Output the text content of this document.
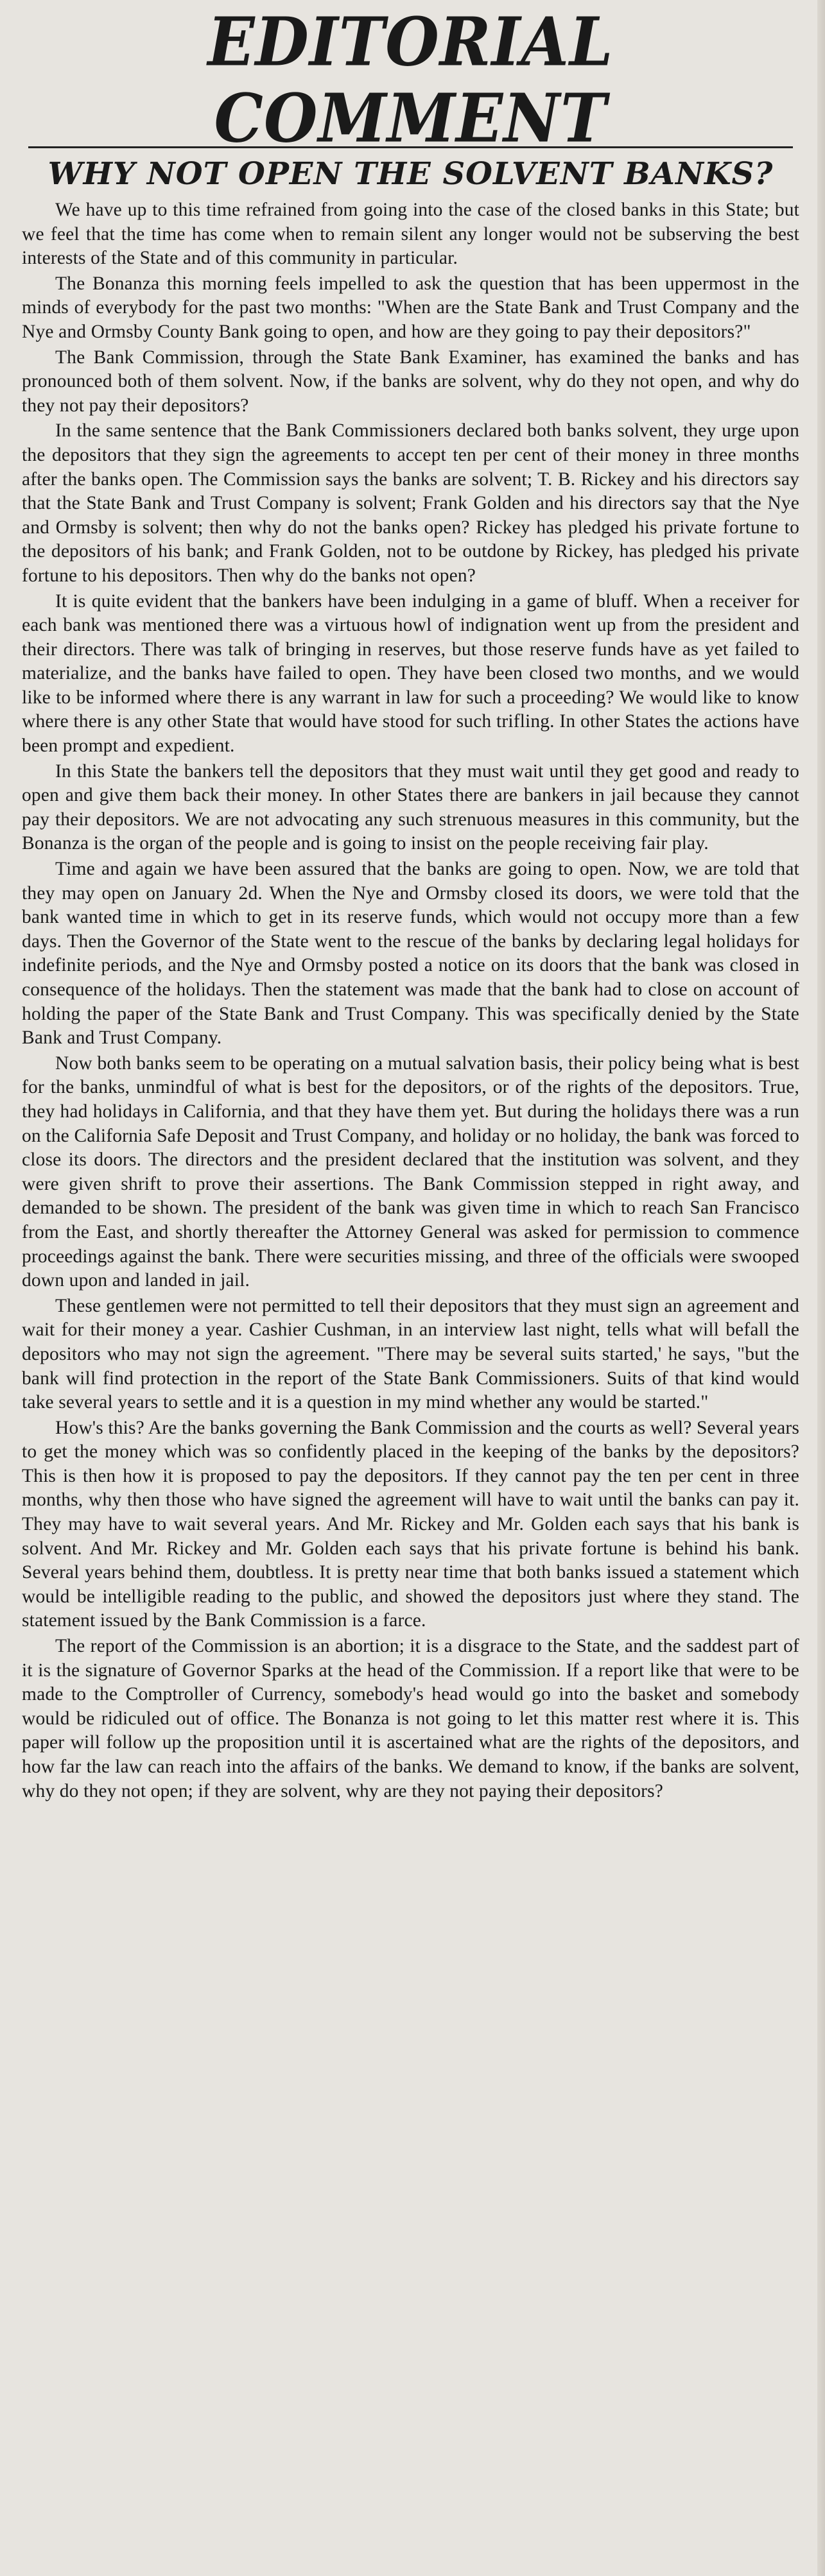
EDITORIAL COMMENT
WHY NOT OPEN THE SOLVENT BANKS?

We have up to this time refrained from going into the case of the closed banks in this State; but we feel that the time has come when to remain silent any longer would not be subserving the best interests of the State and of this community in particular.

The Bonanza this morning feels impelled to ask the question that has been uppermost in the minds of everybody for the past two months: "When are the State Bank and Trust Company and the Nye and Ormsby County Bank going to open, and how are they going to pay their depositors?"

The Bank Commission, through the State Bank Examiner, has examined the banks and has pronounced both of them solvent. Now, if the banks are solvent, why do they not open, and why do they not pay their depositors?

In the same sentence that the Bank Commissioners declared both banks solvent, they urge upon the depositors that they sign the agreements to accept ten per cent of their money in three months after the banks open. The Commission says the banks are solvent; T. B. Rickey and his directors say that the State Bank and Trust Company is solvent; Frank Golden and his directors say that the Nye and Ormsby is solvent; then why do not the banks open? Rickey has pledged his private fortune to the depositors of his bank; and Frank Golden, not to be outdone by Rickey, has pledged his private fortune to his depositors. Then why do the banks not open?

It is quite evident that the bankers have been indulging in a game of bluff. When a receiver for each bank was mentioned there was a virtuous howl of indignation went up from the president and their directors. There was talk of bringing in reserves, but those reserve funds have as yet failed to materialize, and the banks have failed to open. They have been closed two months, and we would like to be informed where there is any warrant in law for such a proceeding? We would like to know where there is any other State that would have stood for such trifling. In other States the actions have been prompt and expedient.

In this State the bankers tell the depositors that they must wait until they get good and ready to open and give them back their money. In other States there are bankers in jail because they cannot pay their depositors. We are not advocating any such strenuous measures in this community, but the Bonanza is the organ of the people and is going to insist on the people receiving fair play.

Time and again we have been assured that the banks are going to open. Now, we are told that they may open on January 2d. When the Nye and Ormsby closed its doors, we were told that the bank wanted time in which to get in its reserve funds, which would not occupy more than a few days. Then the Governor of the State went to the rescue of the banks by declaring legal holidays for indefinite periods, and the Nye and Ormsby posted a notice on its doors that the bank was closed in consequence of the holidays. Then the statement was made that the bank had to close on account of holding the paper of the State Bank and Trust Company. This was specifically denied by the State Bank and Trust Company.

Now both banks seem to be operating on a mutual salvation basis, their policy being what is best for the banks, unmindful of what is best for the depositors, or of the rights of the depositors. True, they had holidays in California, and that they have them yet. But during the holidays there was a run on the California Safe Deposit and Trust Company, and holiday or no holiday, the bank was forced to close its doors. The directors and the president declared that the institution was solvent, and they were given shrift to prove their assertions. The Bank Commission stepped in right away, and demanded to be shown. The president of the bank was given time in which to reach San Francisco from the East, and shortly thereafter the Attorney General was asked for permission to commence proceedings against the bank. There were securities missing, and three of the officials were swooped down upon and landed in jail.

These gentlemen were not permitted to tell their depositors that they must sign an agreement and wait for their money a year. Cashier Cushman, in an interview last night, tells what will befall the depositors who may not sign the agreement. "There may be several suits started,' he says, "but the bank will find protection in the report of the State Bank Commissioners. Suits of that kind would take several years to settle and it is a question in my mind whether any would be started."

How's this? Are the banks governing the Bank Commission and the courts as well? Several years to get the money which was so confidently placed in the keeping of the banks by the depositors? This is then how it is proposed to pay the depositors. If they cannot pay the ten per cent in three months, why then those who have signed the agreement will have to wait until the banks can pay it. They may have to wait several years. And Mr. Rickey and Mr. Golden each says that his bank is solvent. And Mr. Rickey and Mr. Golden each says that his private fortune is behind his bank. Several years behind them, doubtless. It is pretty near time that both banks issued a statement which would be intelligible reading to the public, and showed the depositors just where they stand. The statement issued by the Bank Commission is a farce.

The report of the Commission is an abortion; it is a disgrace to the State, and the saddest part of it is the signature of Governor Sparks at the head of the Commission. If a report like that were to be made to the Comptroller of Currency, somebody's head would go into the basket and somebody would be ridiculed out of office. The Bonanza is not going to let this matter rest where it is. This paper will follow up the proposition until it is ascertained what are the rights of the depositors, and how far the law can reach into the affairs of the banks. We demand to know, if the banks are solvent, why do they not open; if they are solvent, why are they not paying their depositors?
